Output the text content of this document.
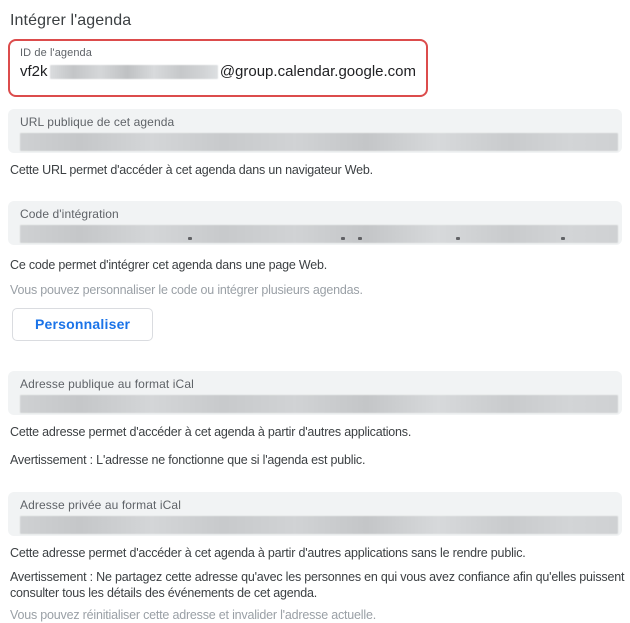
Intégrer l'agenda
ID de l'agenda
vf2k	@group.calendar.google.com
URL publique de cet agenda

Cette URL permet d'accéder à cet agenda dans un navigateur Web.

Code d'intégration

Ce code permet d'intégrer cet agenda dans une page Web.

Vous pouvez personnaliser le code ou intégrer plusieurs agendas.

Personnaliser
Adresse publique au format iCal

Cette adresse permet d'accéder à cet agenda à partir d'autres applications.

Avertissement : L'adresse ne fonctionne que si l'agenda est public.

Adresse privée au format iCal

Cette adresse permet d'accéder à cet agenda à partir d'autres applications sans le rendre public.

Avertissement : Ne partagez cette adresse qu'avec les personnes en qui vous avez confiance afin qu'elles puissent consulter tous les détails des événements de cet agenda.

Vous pouvez réinitialiser cette adresse et invalider l'adresse actuelle.
